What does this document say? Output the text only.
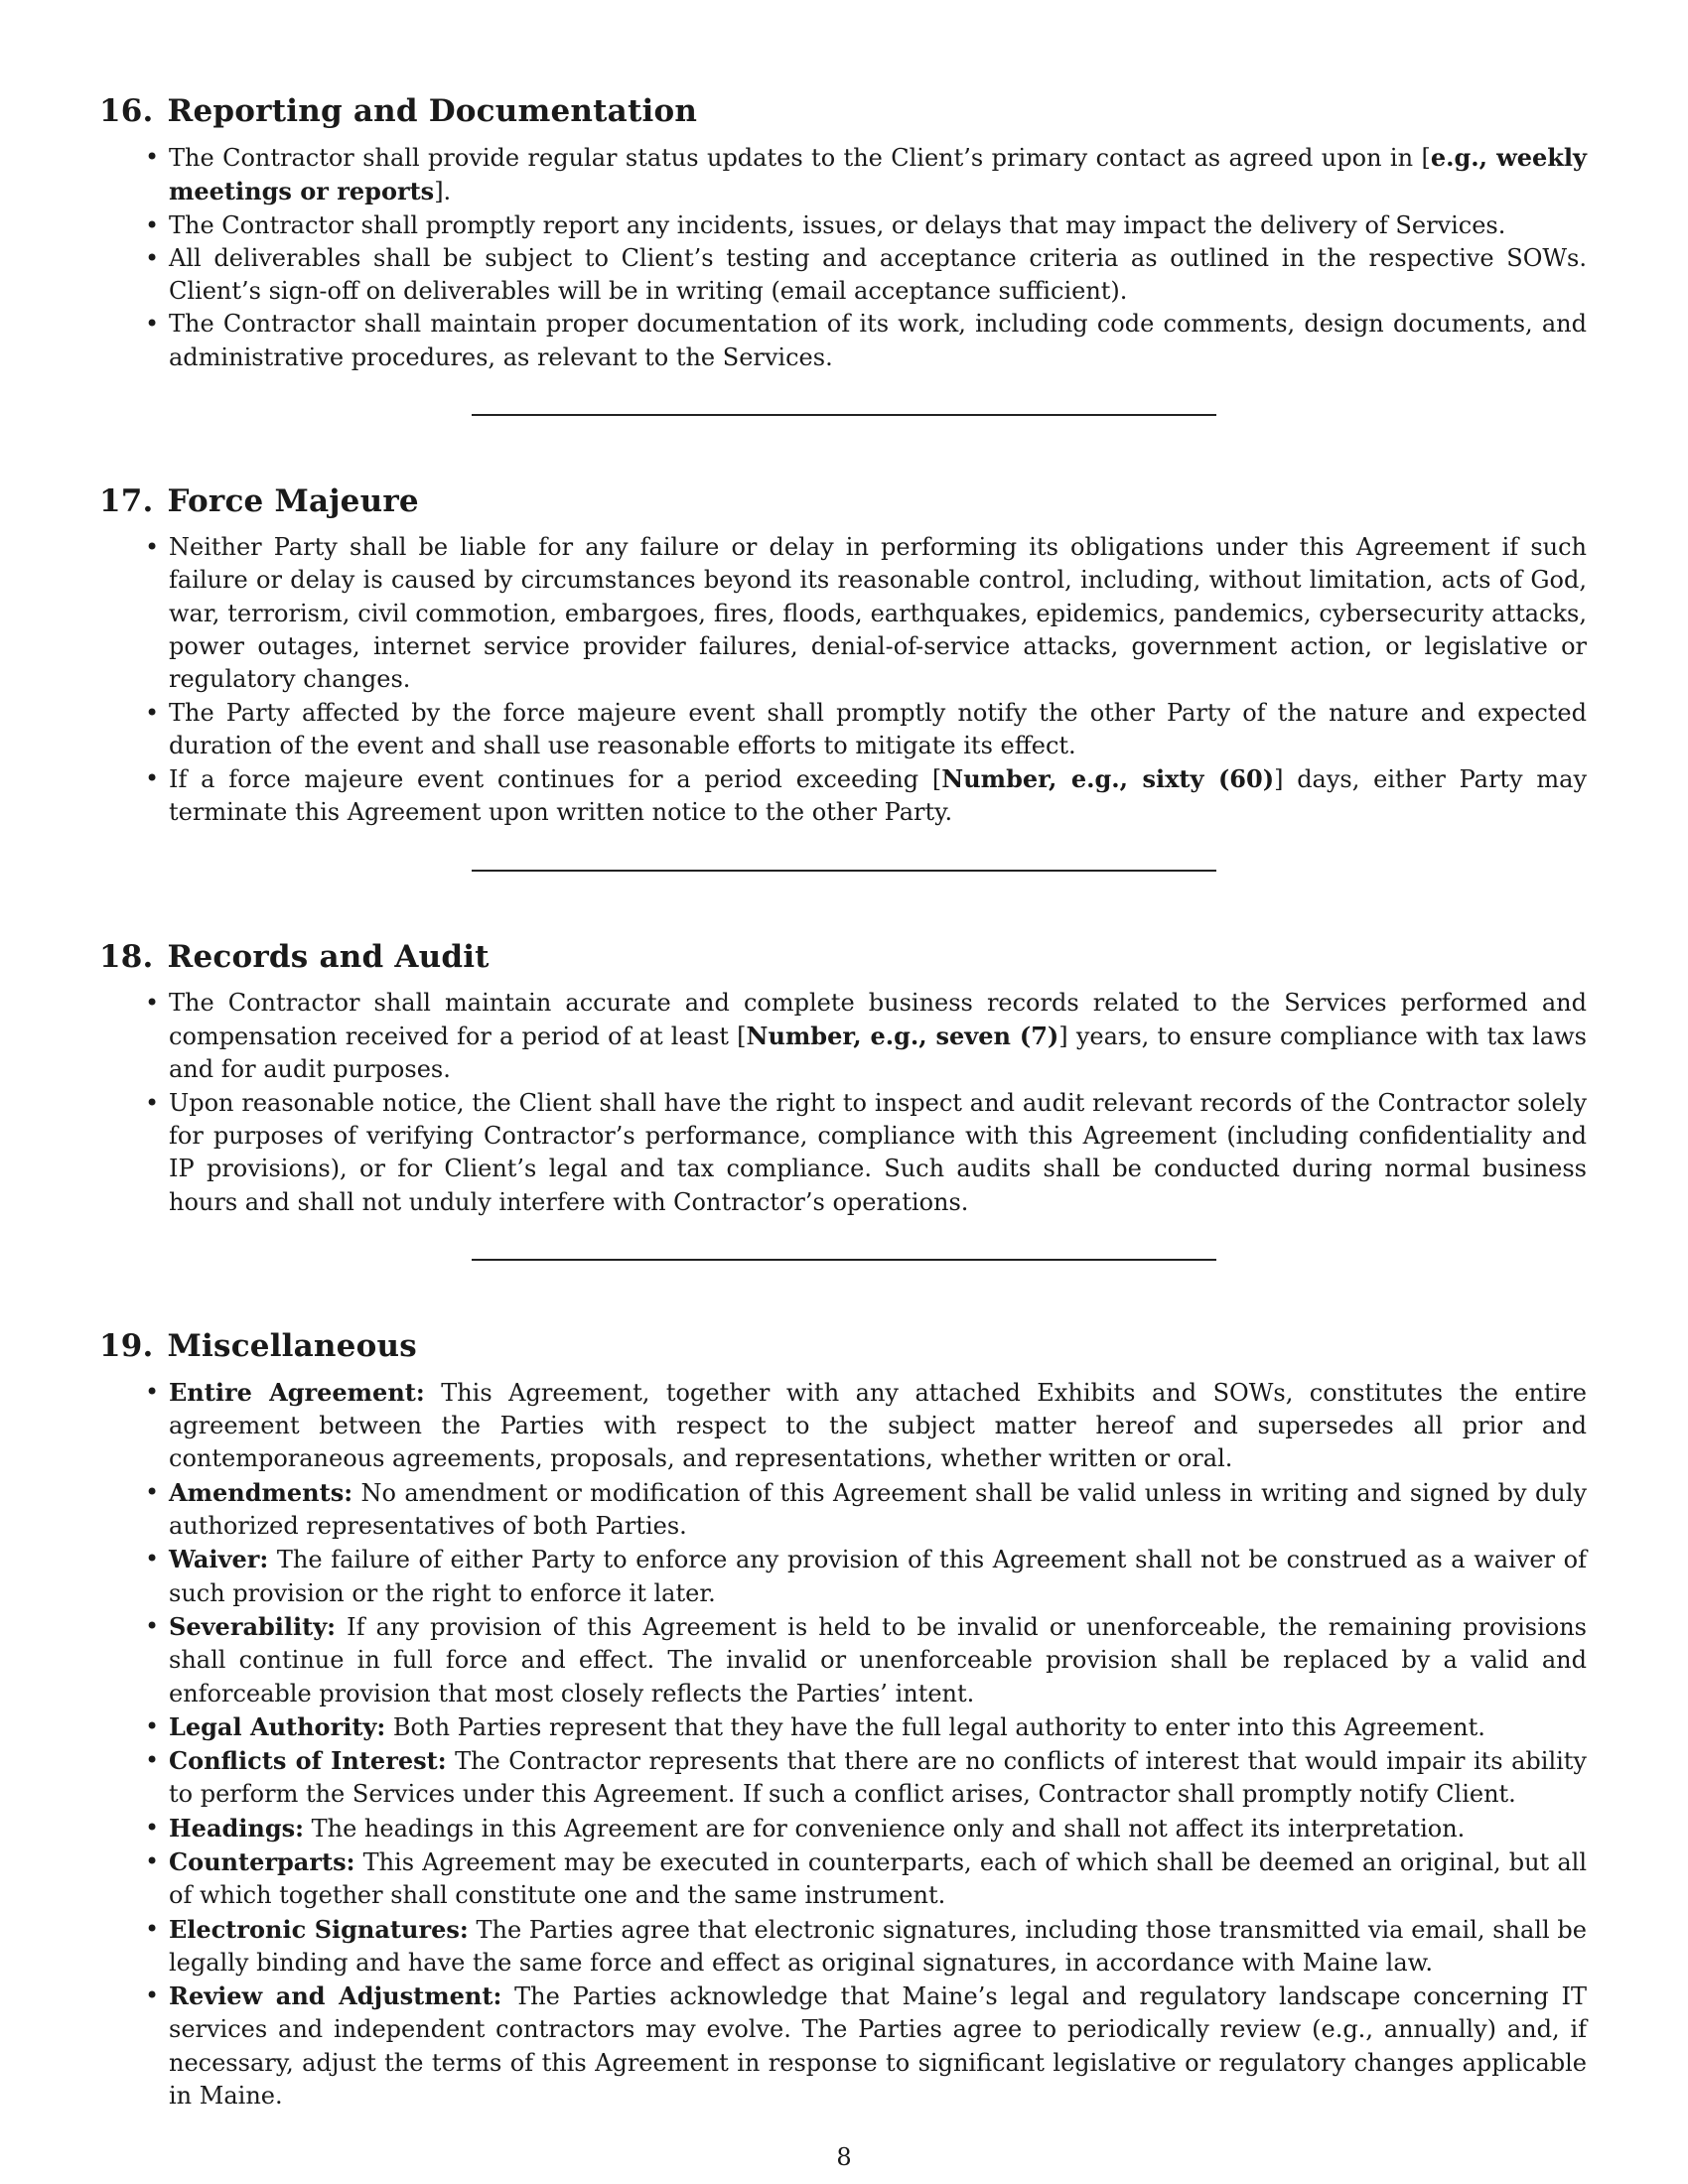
16. Reporting and Documentation
• The Contractor shall provide regular status updates to the Client’s primary contact as agreed upon in [e.g., weekly meetings or reports].
• The Contractor shall promptly report any incidents, issues, or delays that may impact the delivery of Services.
• All deliverables shall be subject to Client’s testing and acceptance criteria as outlined in the respective SOWs. Client’s sign-off on deliverables will be in writing (email acceptance sufficient).
• The Contractor shall maintain proper documentation of its work, including code comments, design documents, and administrative procedures, as relevant to the Services.
17. Force Majeure
• Neither Party shall be liable for any failure or delay in performing its obligations under this Agreement if such failure or delay is caused by circumstances beyond its reasonable control, including, without limitation, acts of God, war, terrorism, civil commotion, embargoes, fires, floods, earthquakes, epidemics, pandemics, cybersecurity attacks, power outages, internet service provider failures, denial-of-service attacks, government action, or legislative or regulatory changes.
• The Party affected by the force majeure event shall promptly notify the other Party of the nature and expected duration of the event and shall use reasonable efforts to mitigate its effect.
• If a force majeure event continues for a period exceeding [Number, e.g., sixty (60)] days, either Party may terminate this Agreement upon written notice to the other Party.
18. Records and Audit
• The Contractor shall maintain accurate and complete business records related to the Services performed and compensation received for a period of at least [Number, e.g., seven (7)] years, to ensure compliance with tax laws and for audit purposes.
• Upon reasonable notice, the Client shall have the right to inspect and audit relevant records of the Contractor solely for purposes of verifying Contractor’s performance, compliance with this Agreement (including confidentiality and IP provisions), or for Client’s legal and tax compliance. Such audits shall be conducted during normal business hours and shall not unduly interfere with Contractor’s operations.
19. Miscellaneous
• Entire Agreement: This Agreement, together with any attached Exhibits and SOWs, constitutes the entire agreement between the Parties with respect to the subject matter hereof and supersedes all prior and contemporaneous agreements, proposals, and representations, whether written or oral.
• Amendments: No amendment or modification of this Agreement shall be valid unless in writing and signed by duly authorized representatives of both Parties.
• Waiver: The failure of either Party to enforce any provision of this Agreement shall not be construed as a waiver of such provision or the right to enforce it later.
• Severability: If any provision of this Agreement is held to be invalid or unenforceable, the remaining provisions shall continue in full force and effect. The invalid or unenforceable provision shall be replaced by a valid and enforceable provision that most closely reflects the Parties’ intent.
• Legal Authority: Both Parties represent that they have the full legal authority to enter into this Agreement.
• Conflicts of Interest: The Contractor represents that there are no conflicts of interest that would impair its ability to perform the Services under this Agreement. If such a conflict arises, Contractor shall promptly notify Client.
• Headings: The headings in this Agreement are for convenience only and shall not affect its interpretation.
• Counterparts: This Agreement may be executed in counterparts, each of which shall be deemed an original, but all of which together shall constitute one and the same instrument.
• Electronic Signatures: The Parties agree that electronic signatures, including those transmitted via email, shall be legally binding and have the same force and effect as original signatures, in accordance with Maine law.
• Review and Adjustment: The Parties acknowledge that Maine’s legal and regulatory landscape concerning IT services and independent contractors may evolve. The Parties agree to periodically review (e.g., annually) and, if necessary, adjust the terms of this Agreement in response to significant legislative or regulatory changes applicable in Maine.
8
